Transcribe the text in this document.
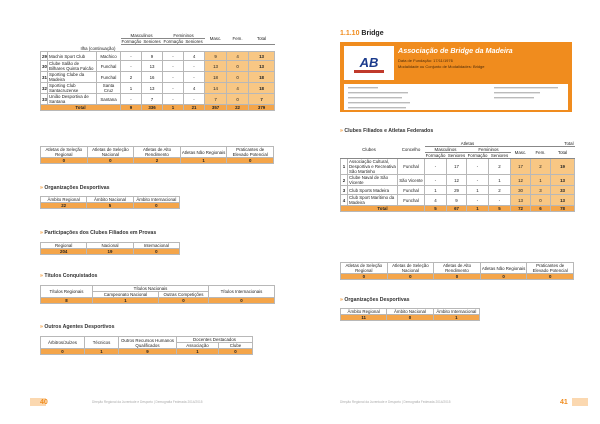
			Masculinos		Femininos		Masc.	Fem.	Total
			Formação	Seniores	Formação	Seniores			
Ilha (continuação)									
29	Machin Sport Club	Machico	-	9	-	4	9	4	13
30	Clube Salão de Bilhares Quinta Falcão	Funchal	-	13	-	-	13	0	13
31	Sporting Clube da Madeira	Funchal	2	16	-	-	18	0	18
32	Sporting Club Santacruzense	Santa Cruz	1	13	-	4	14	4	18
33	União Desportiva de Santana	Santana	-	7	-	-	7	0	7
Total			9	336	1	21	357	22	379
Atletas de Seleção Regional	Atletas de Seleção Nacional	Atletas de Alto Rendimento	Atletas Não Regionais	Praticantes de Elevado Potencial
0	0	2	1	0
» Organizações Desportivas
Âmbito Regional	Âmbito Nacional	Âmbito Internacional
22	5	0
» Participações dos Clubes Filiados em Provas
Regional	Nacional	Internacional
204	19	0
» Títulos Conquistados
Títulos Regionais	Títulos Nacionais		Títulos Internacionais
	Campeonato Nacional	Outras Competições	
8	1	0	0
» Outros Agentes Desportivos
Árbitros/Juízes	Técnicos	Outros Recursos Humanos Qualificados	Docentes Destacados	
			Associação	Clube
0	1	9	1	0
40	Direção Regional da Juventude e Desporto | Demografia Federada 2014/2015
1.1.10 Bridge
AB
Associação de Bridge da Madeira
Data de Fundação: 17/11/1976
Modalidade ou Conjunto de Modalidades: Bridge
» Clubes Filiados e Atletas Federados
Clubes		Concelho	Atletas				Total		
			Masculinos		Femininos		Masc.	Fem.	Total
			Formação	Seniores	Formação	Seniores			
1	Associação Cultural, Desportiva e Recreativa São Martinho	Funchal	-	17	-	2	17	2	19
2	Clube Naval de São Vicente	São Vicente	-	12	-	1	12	1	13
3	Club Sports Madeira	Funchal	1	29	1	2	30	3	33
4	Club Sport Marítimo da Madeira	Funchal	4	9	-	-	13	0	13
Total			5	67	1	5	72	6	78
Atletas de Seleção Regional	Atletas de Seleção Nacional	Atletas de Alto Rendimento	Atletas Não Regionais	Praticantes de Elevado Potencial
0	0	0	0	0
» Organizações Desportivas
Âmbito Regional	Âmbito Nacional	Âmbito Internacional
11	0	1
Direção Regional da Juventude e Desporto | Demografia Federada 2014/2015	41
